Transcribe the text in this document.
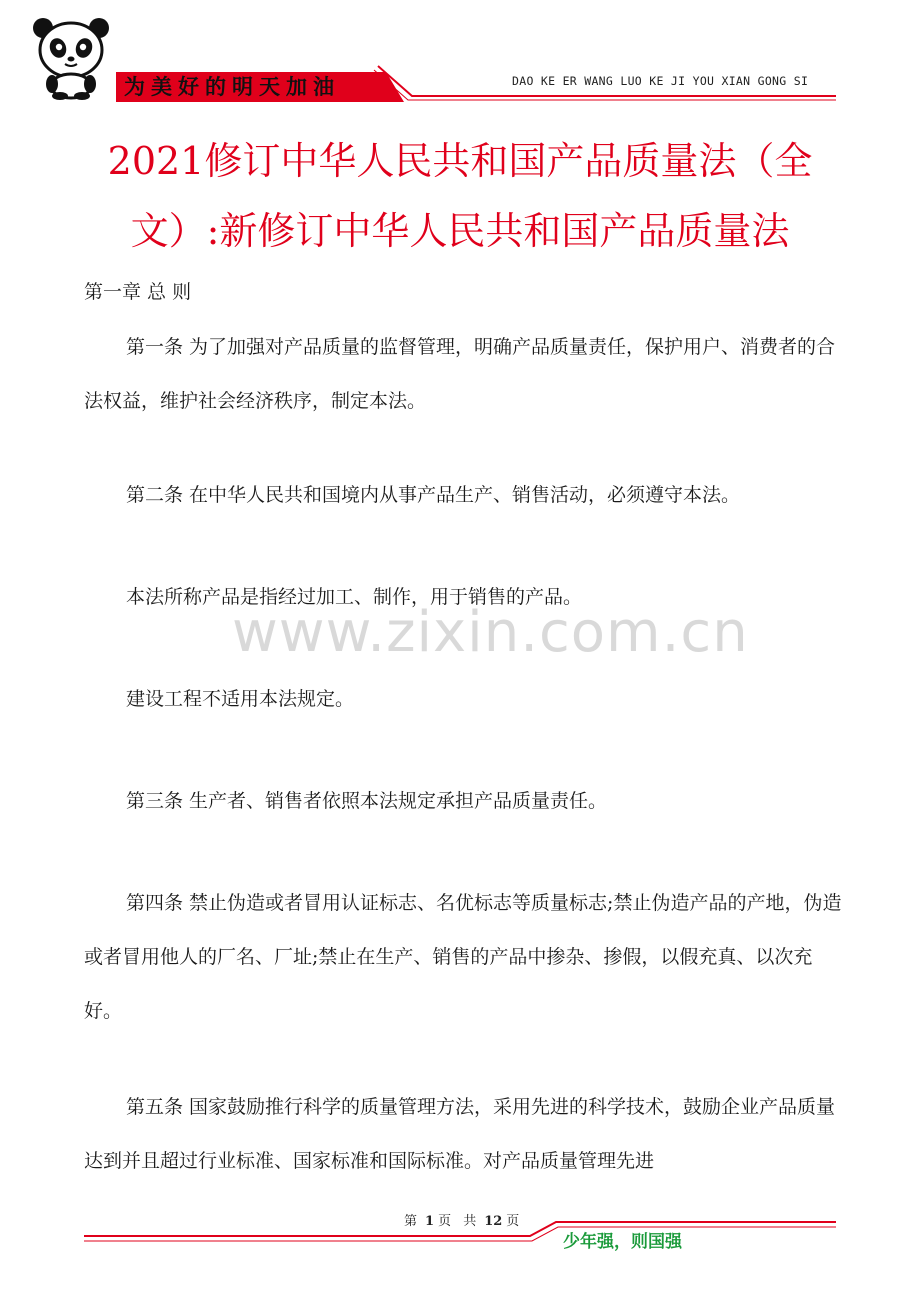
为美好的明天加油	DAO KE ER WANG LUO KE JI YOU XIAN GONG SI
2021修订中华人民共和国产品质量法（全文）:新修订中华人民共和国产品质量法
第一章 总 则
第一条 为了加强对产品质量的监督管理，明确产品质量责任，保护用户、消费者的合法权益，维护社会经济秩序，制定本法。
第二条 在中华人民共和国境内从事产品生产、销售活动，必须遵守本法。
本法所称产品是指经过加工、制作，用于销售的产品。
建设工程不适用本法规定。
第三条 生产者、销售者依照本法规定承担产品质量责任。
第四条 禁止伪造或者冒用认证标志、名优标志等质量标志;禁止伪造产品的产地，伪造或者冒用他人的厂名、厂址;禁止在生产、销售的产品中掺杂、掺假，以假充真、以次充好。
第五条 国家鼓励推行科学的质量管理方法，采用先进的科学技术，鼓励企业产品质量达到并且超过行业标准、国家标准和国际标准。对产品质量管理先进
www.zixin.com.cn
第 1 页 共 12 页
少年强，则国强
